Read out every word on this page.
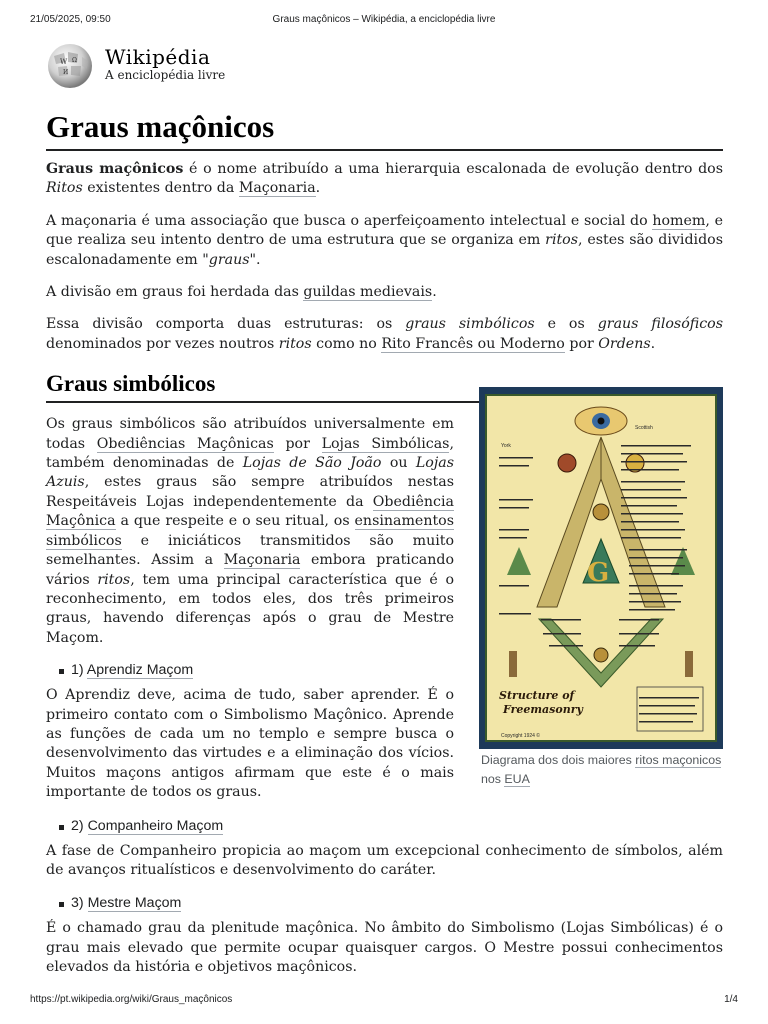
21/05/2025, 09:50	Graus maçônicos – Wikipédia, a enciclopédia livre
W Ω
И
Wikipédia
A enciclopédia livre
Graus maçônicos

Graus maçônicos é o nome atribuído a uma hierarquia escalonada de evolução dentro dos Ritos existentes dentro da Maçonaria.

A maçonaria é uma associação que busca o aperfeiçoamento intelectual e social do homem, e que realiza seu intento dentro de uma estrutura que se organiza em ritos, estes são divididos escalonadamente em "graus".

A divisão em graus foi herdada das guildas medievais.

Essa divisão comporta duas estruturas: os graus simbólicos e os graus filosóficos denominados por vezes noutros ritos como no Rito Francês ou Moderno por Ordens.

G
Structure of
Freemasonry
Copyright 1924 ©
Scottish
York
Diagrama dos dois maiores ritos maçonicos nos EUA
Graus simbólicos

Os graus simbólicos são atribuídos universalmente em todas Obediências Maçônicas por Lojas Simbólicas, também denominadas de Lojas de São João ou Lojas Azuis, estes graus são sempre atribuídos nestas Respeitáveis Lojas independentemente da Obediência Maçônica a que respeite e o seu ritual, os ensinamentos simbólicos e iniciáticos transmitidos são muito semelhantes. Assim a Maçonaria embora praticando vários ritos, tem uma principal característica que é o reconhecimento, em todos eles, dos três primeiros graus, havendo diferenças após o grau de Mestre Maçom.

1) Aprendiz Maçom

O Aprendiz deve, acima de tudo, saber aprender. É o primeiro contato com o Simbolismo Maçônico. Aprende as funções de cada um no templo e sempre busca o desenvolvimento das virtudes e a eliminação dos vícios. Muitos maçons antigos afirmam que este é o mais importante de todos os graus.

2) Companheiro Maçom

A fase de Companheiro propicia ao maçom um excepcional conhecimento de símbolos, além de avanços ritualísticos e desenvolvimento do caráter.

3) Mestre Maçom

É o chamado grau da plenitude maçônica. No âmbito do Simbolismo (Lojas Simbólicas) é o grau mais elevado que permite ocupar quaisquer cargos. O Mestre possui conhecimentos elevados da história e objetivos maçônicos.

https://pt.wikipedia.org/wiki/Graus_maçônicos	1/4
